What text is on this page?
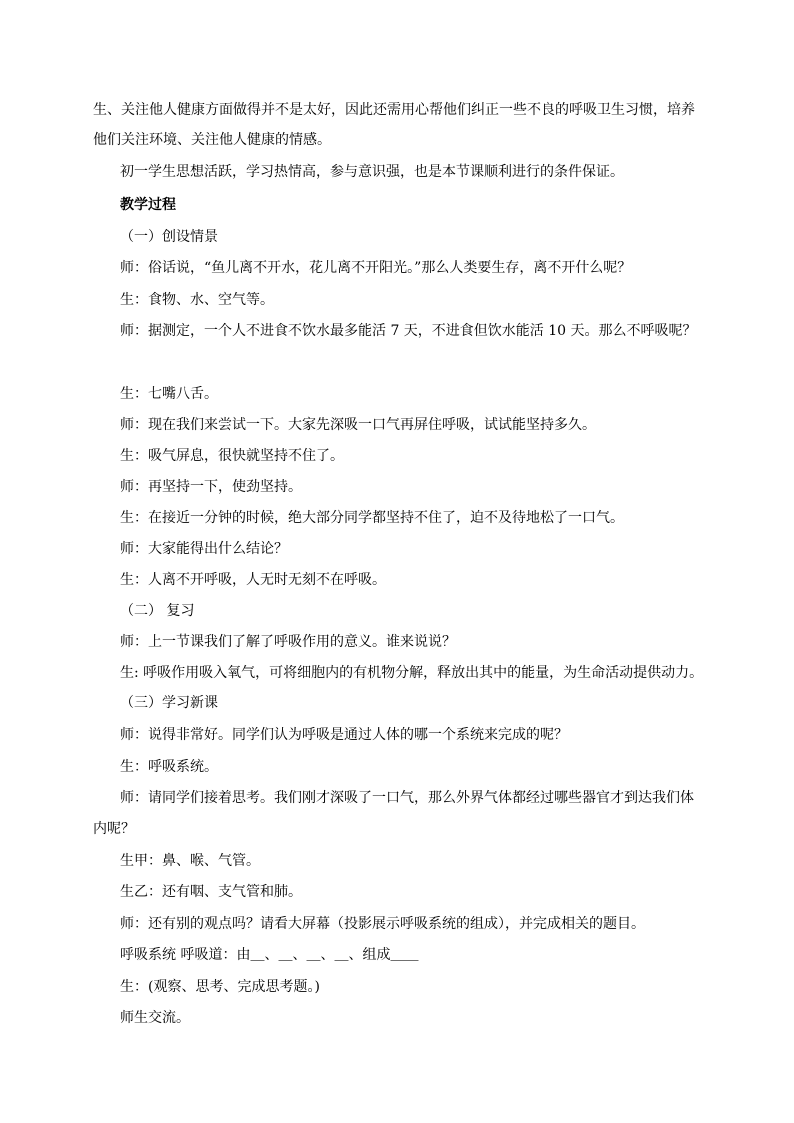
生、关注他人健康方面做得并不是太好，因此还需用心帮他们纠正一些不良的呼吸卫生习惯，培养
他们关注环境、关注他人健康的情感。
初一学生思想活跃，学习热情高，参与意识强，也是本节课顺利进行的条件保证。
教学过程
（一）创设情景
师：俗话说，“鱼儿离不开水，花儿离不开阳光。”那么人类要生存，离不开什么呢？
生：食物、水、空气等。
师：据测定，一个人不进食不饮水最多能活 7 天，不进食但饮水能活 10 天。那么不呼吸呢？
生：七嘴八舌。
师：现在我们来尝试一下。大家先深吸一口气再屏住呼吸，试试能坚持多久。
生：吸气屏息，很快就坚持不住了。
师：再坚持一下，使劲坚持。
生：在接近一分钟的时候，绝大部分同学都坚持不住了，迫不及待地松了一口气。
师：大家能得出什么结论？
生：人离不开呼吸，人无时无刻不在呼吸。
（二） 复习
师：上一节课我们了解了呼吸作用的意义。谁来说说？
生: 呼吸作用吸入氧气，可将细胞内的有机物分解，释放出其中的能量，为生命活动提供动力。
（三）学习新课
师：说得非常好。同学们认为呼吸是通过人体的哪一个系统来完成的呢？
生：呼吸系统。
师：请同学们接着思考。我们刚才深吸了一口气，那么外界气体都经过哪些器官才到达我们体
内呢？
生甲：鼻、喉、气管。
生乙：还有咽、支气管和肺。
师：还有别的观点吗？请看大屏幕（投影展示呼吸系统的组成），并完成相关的题目。
呼吸系统 呼吸道：由＿、＿、＿、＿、组成＿＿
生：(观察、思考、完成思考题。)
师生交流。
